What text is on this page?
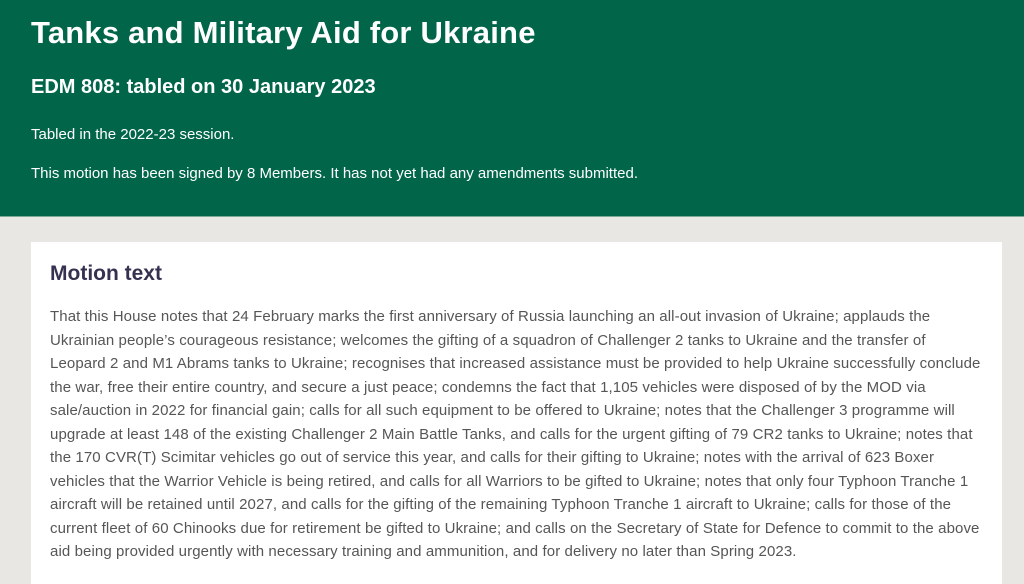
Tanks and Military Aid for Ukraine
EDM 808: tabled on 30 January 2023

Tabled in the 2022-23 session.

This motion has been signed by 8 Members. It has not yet had any amendments submitted.

Motion text

That this House notes that 24 February marks the first anniversary of Russia launching an all-out invasion of Ukraine; applauds the Ukrainian people’s courageous resistance; welcomes the gifting of a squadron of Challenger 2 tanks to Ukraine and the transfer of Leopard 2 and M1 Abrams tanks to Ukraine; recognises that increased assistance must be provided to help Ukraine successfully conclude the war, free their entire country, and secure a just peace; condemns the fact that 1,105 vehicles were disposed of by the MOD via sale/auction in 2022 for financial gain; calls for all such equipment to be offered to Ukraine; notes that the Challenger 3 programme will upgrade at least 148 of the existing Challenger 2 Main Battle Tanks, and calls for the urgent gifting of 79 CR2 tanks to Ukraine; notes that the 170 CVR(T) Scimitar vehicles go out of service this year, and calls for their gifting to Ukraine; notes with the arrival of 623 Boxer vehicles that the Warrior Vehicle is being retired, and calls for all Warriors to be gifted to Ukraine; notes that only four Typhoon Tranche 1 aircraft will be retained until 2027, and calls for the gifting of the remaining Typhoon Tranche 1 aircraft to Ukraine; calls for those of the current fleet of 60 Chinooks due for retirement be gifted to Ukraine; and calls on the Secretary of State for Defence to commit to the above aid being provided urgently with necessary training and ammunition, and for delivery no later than Spring 2023.
